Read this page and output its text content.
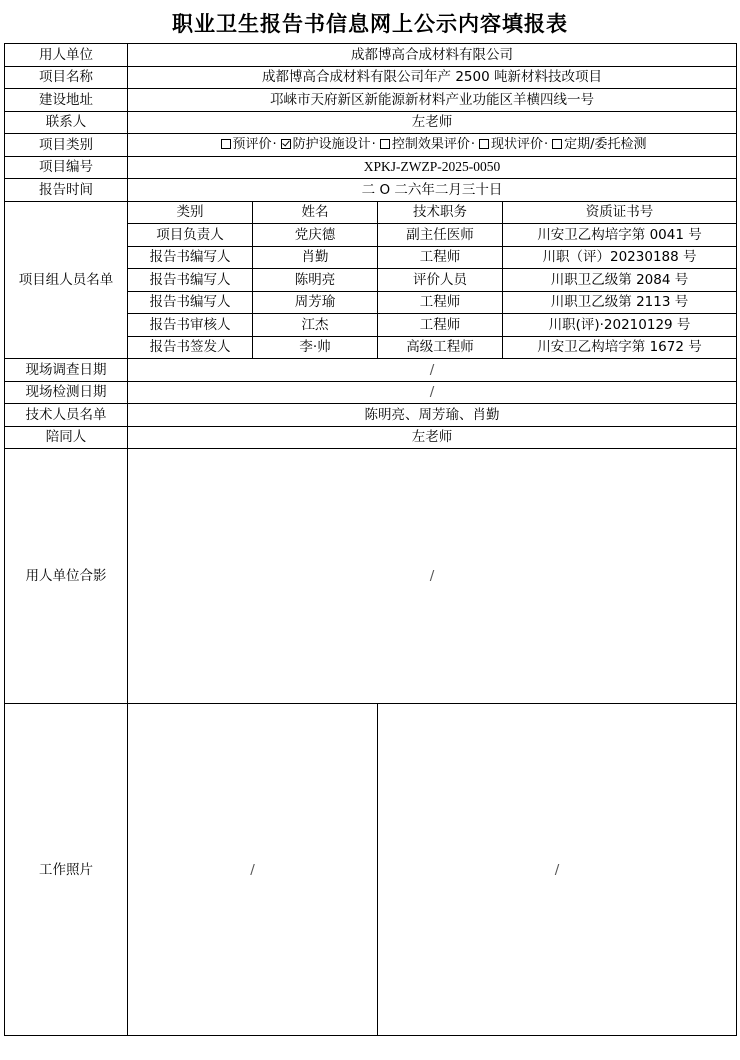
职业卫生报告书信息网上公示内容填报表
用人单位	成都博高合成材料有限公司			
项目名称	成都博高合成材料有限公司年产 2500 吨新材料技改项目			
建设地址	邛崃市天府新区新能源新材料产业功能区羊横四线一号			
联系人	左老师			
项目类别	预评价· 防护设施设计· 控制效果评价· 现状评价· 定期/委托检测			
项目编号	XPKJ-ZWZP-2025-0050			
报告时间	二 O 二六年二月三十日			
项目组人员名单	类别	姓名	技术职务	资质证书号
	项目负责人	党庆德	副主任医师	川安卫乙构培字第 0041 号
	报告书编写人	肖勤	工程师	川职（评）20230188 号
	报告书编写人	陈明亮	评价人员	川职卫乙级第 2084 号
	报告书编写人	周芳瑜	工程师	川职卫乙级第 2113 号
	报告书审核人	江杰	工程师	川职(评)·20210129 号
	报告书签发人	李·帅	高级工程师	川安卫乙构培字第 1672 号
现场调查日期	/			
现场检测日期	/			
技术人员名单	陈明亮、周芳瑜、肖勤			
陪同人	左老师			
用人单位合影	/			
工作照片	/		/	
